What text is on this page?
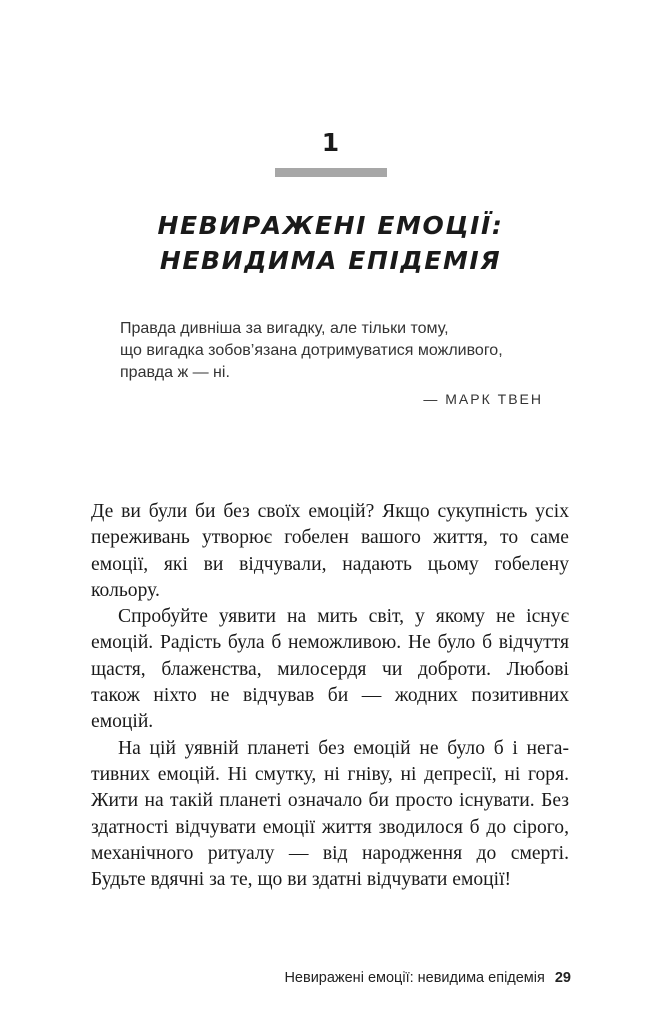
1
НЕВИРАЖЕНІ ЕМОЦІЇ:
НЕВИДИМА ЕПІДЕМІЯ
Правда дивніша за вигадку, але тільки тому,
що вигадка зобов’язана дотримуватися можливого,
правда ж — ні.
— МАРК ТВЕН

Де ви були би без своїх емоцій? Якщо сукупність усіх переживань утворює гобелен вашого життя, то саме емоції, які ви відчували, надають цьому гобелену кольору.

Спробуйте уявити на мить світ, у якому не існує емоцій. Радість була б неможливою. Не було б відчуття щастя, блаженства, милосердя чи доброти. Любові також ніхто не відчував би — жодних позитивних емоцій.

На цій уявній планеті без емоцій не було б і негативних емоцій. Ні смутку, ні гніву, ні депресії, ні горя. Жити на такій планеті означало би просто існувати. Без здатності відчувати емоції життя зводилося б до сірого, механічного ритуалу — від народження до смерті. Будьте вдячні за те, що ви здатні відчувати емоції!

Невиражені емоції: невидима епідемія 29
